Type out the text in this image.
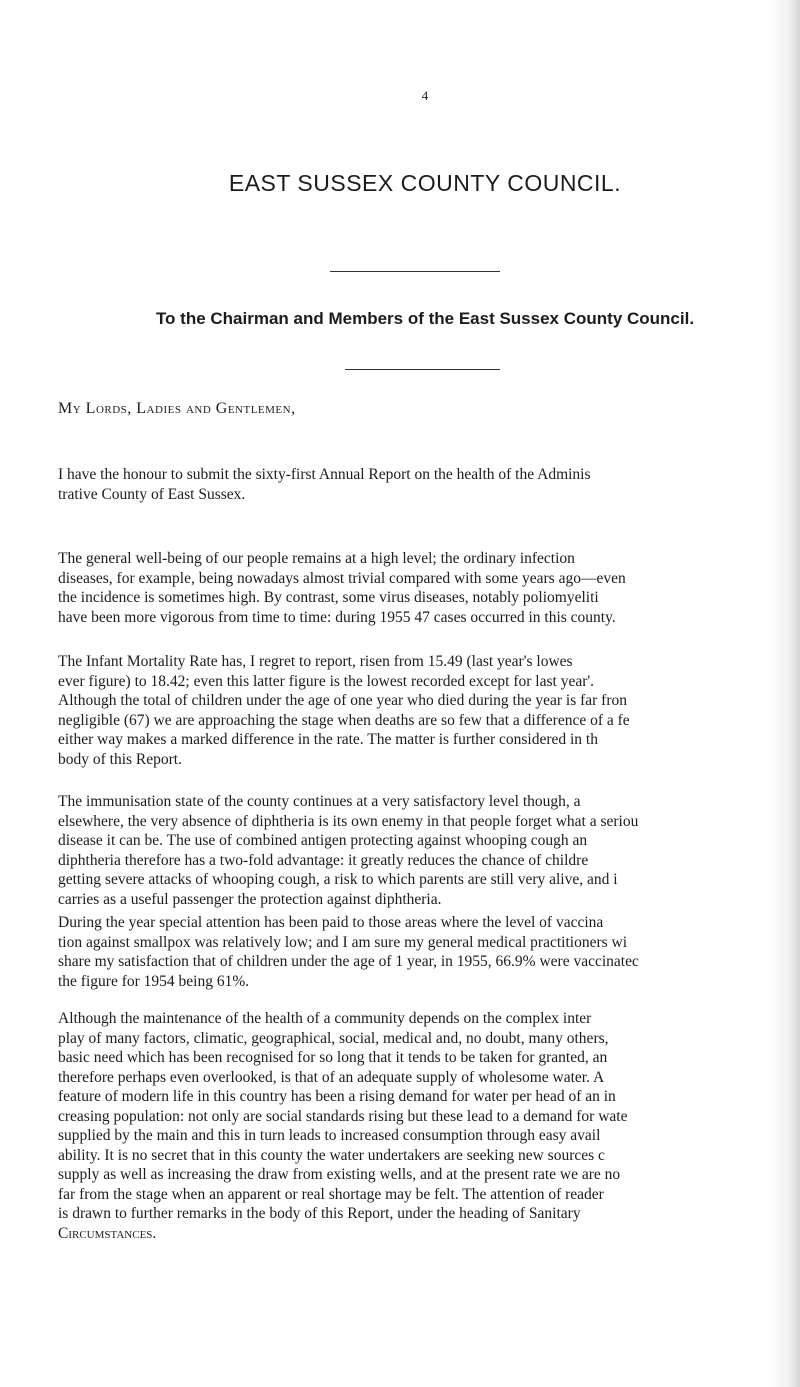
4
EAST SUSSEX COUNTY COUNCIL.
To the Chairman and Members of the East Sussex County Council.
My Lords, Ladies and Gentlemen,
I have the honour to submit the sixty-first Annual Report on the health of the Adminis
trative County of East Sussex.
The general well-being of our people remains at a high level; the ordinary infection
diseases, for example, being nowadays almost trivial compared with some years ago—even
the incidence is sometimes high. By contrast, some virus diseases, notably poliomyeliti
have been more vigorous from time to time: during 1955 47 cases occurred in this county.
The Infant Mortality Rate has, I regret to report, risen from 15.49 (last year's lowes
ever figure) to 18.42; even this latter figure is the lowest recorded except for last year'.
Although the total of children under the age of one year who died during the year is far fron
negligible (67) we are approaching the stage when deaths are so few that a difference of a fe
either way makes a marked difference in the rate. The matter is further considered in th
body of this Report.
The immunisation state of the county continues at a very satisfactory level though, a
elsewhere, the very absence of diphtheria is its own enemy in that people forget what a seriou
disease it can be. The use of combined antigen protecting against whooping cough an
diphtheria therefore has a two-fold advantage: it greatly reduces the chance of childre
getting severe attacks of whooping cough, a risk to which parents are still very alive, and i
carries as a useful passenger the protection against diphtheria.
During the year special attention has been paid to those areas where the level of vaccina
tion against smallpox was relatively low; and I am sure my general medical practitioners wi
share my satisfaction that of children under the age of 1 year, in 1955, 66.9% were vaccinatec
the figure for 1954 being 61%.
Although the maintenance of the health of a community depends on the complex inter
play of many factors, climatic, geographical, social, medical and, no doubt, many others,
basic need which has been recognised for so long that it tends to be taken for granted, an
therefore perhaps even overlooked, is that of an adequate supply of wholesome water. A
feature of modern life in this country has been a rising demand for water per head of an in
creasing population: not only are social standards rising but these lead to a demand for wate
supplied by the main and this in turn leads to increased consumption through easy avail
ability. It is no secret that in this county the water undertakers are seeking new sources c
supply as well as increasing the draw from existing wells, and at the present rate we are no
far from the stage when an apparent or real shortage may be felt. The attention of reader
is drawn to further remarks in the body of this Report, under the heading of Sanitary
Circumstances.
